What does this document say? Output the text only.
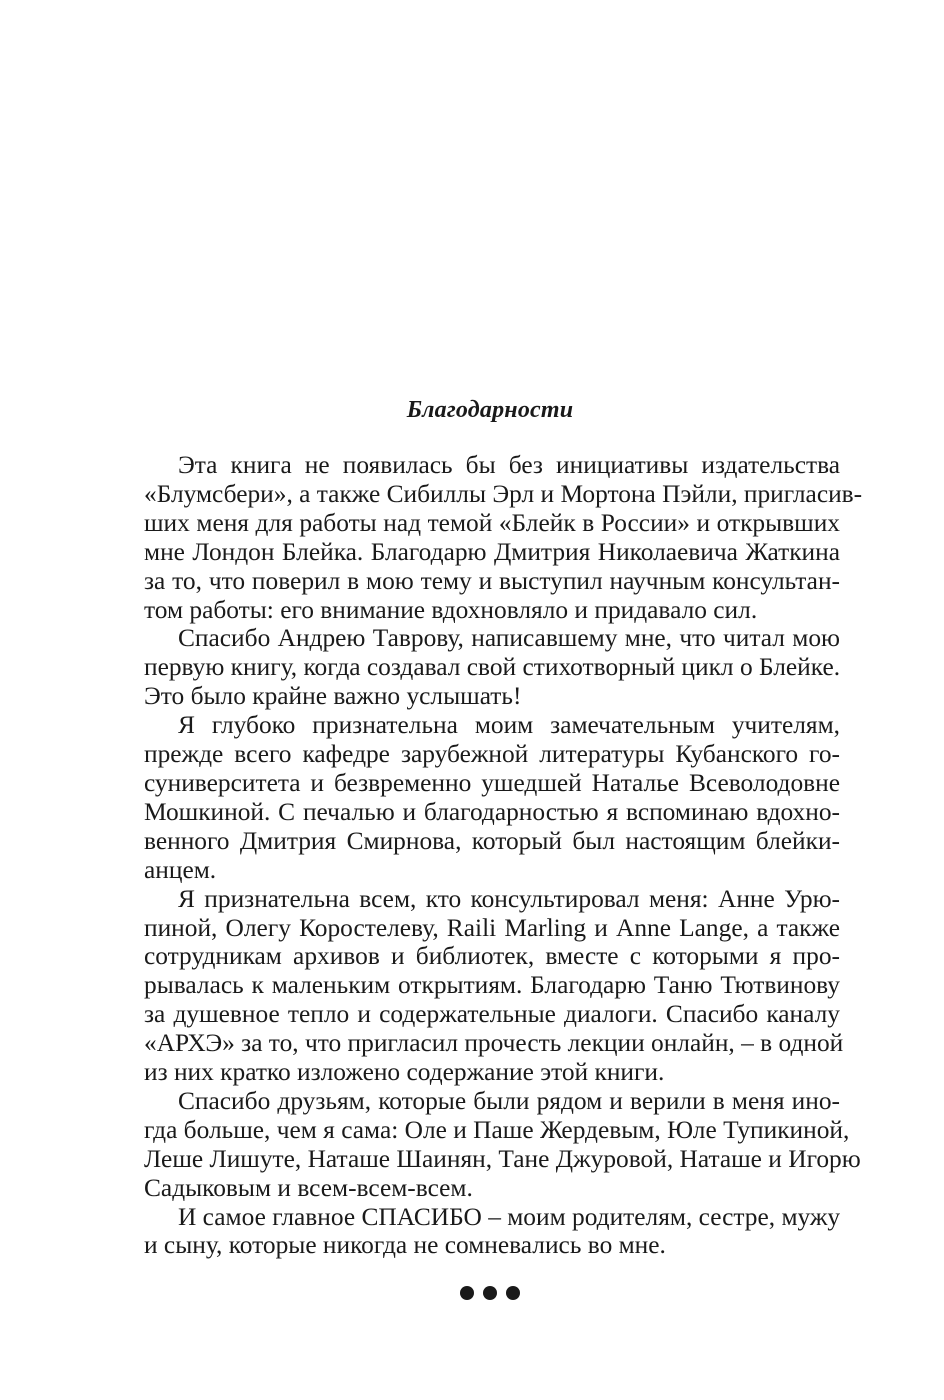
Благодарности
Эта книга не появилась бы без инициативы издательства
«Блумсбери», а также Сибиллы Эрл и Мортона Пэйли, пригласив-
ших меня для работы над темой «Блейк в России» и открывших
мне Лондон Блейка. Благодарю Дмитрия Николаевича Жаткина
за то, что поверил в мою тему и выступил научным консультан-
том работы: его внимание вдохновляло и придавало сил.
Спасибо Андрею Таврову, написавшему мне, что читал мою
первую книгу, когда создавал свой стихотворный цикл о Блейке.
Это было крайне важно услышать!
Я глубоко признательна моим замечательным учителям,
прежде всего кафедре зарубежной литературы Кубанского го-
суниверситета и безвременно ушедшей Наталье Всеволодовне
Мошкиной. С печалью и благодарностью я вспоминаю вдохно-
венного Дмитрия Смирнова, который был настоящим блейки-
анцем.
Я признательна всем, кто консультировал меня: Анне Урю-
пиной, Олегу Коростелеву, Raili Marling и Anne Lange, а также
сотрудникам архивов и библиотек, вместе с которыми я про-
рывалась к маленьким открытиям. Благодарю Таню Тютвинову
за душевное тепло и содержательные диалоги. Спасибо каналу
«АРХЭ» за то, что пригласил прочесть лекции онлайн, – в одной
из них кратко изложено содержание этой книги.
Спасибо друзьям, которые были рядом и верили в меня ино-
гда больше, чем я сама: Оле и Паше Жердевым, Юле Тупикиной,
Леше Лишуте, Наташе Шаинян, Тане Джуровой, Наташе и Игорю
Садыковым и всем-всем-всем.
И самое главное СПАСИБО – моим родителям, сестре, мужу
и сыну, которые никогда не сомневались во мне.
